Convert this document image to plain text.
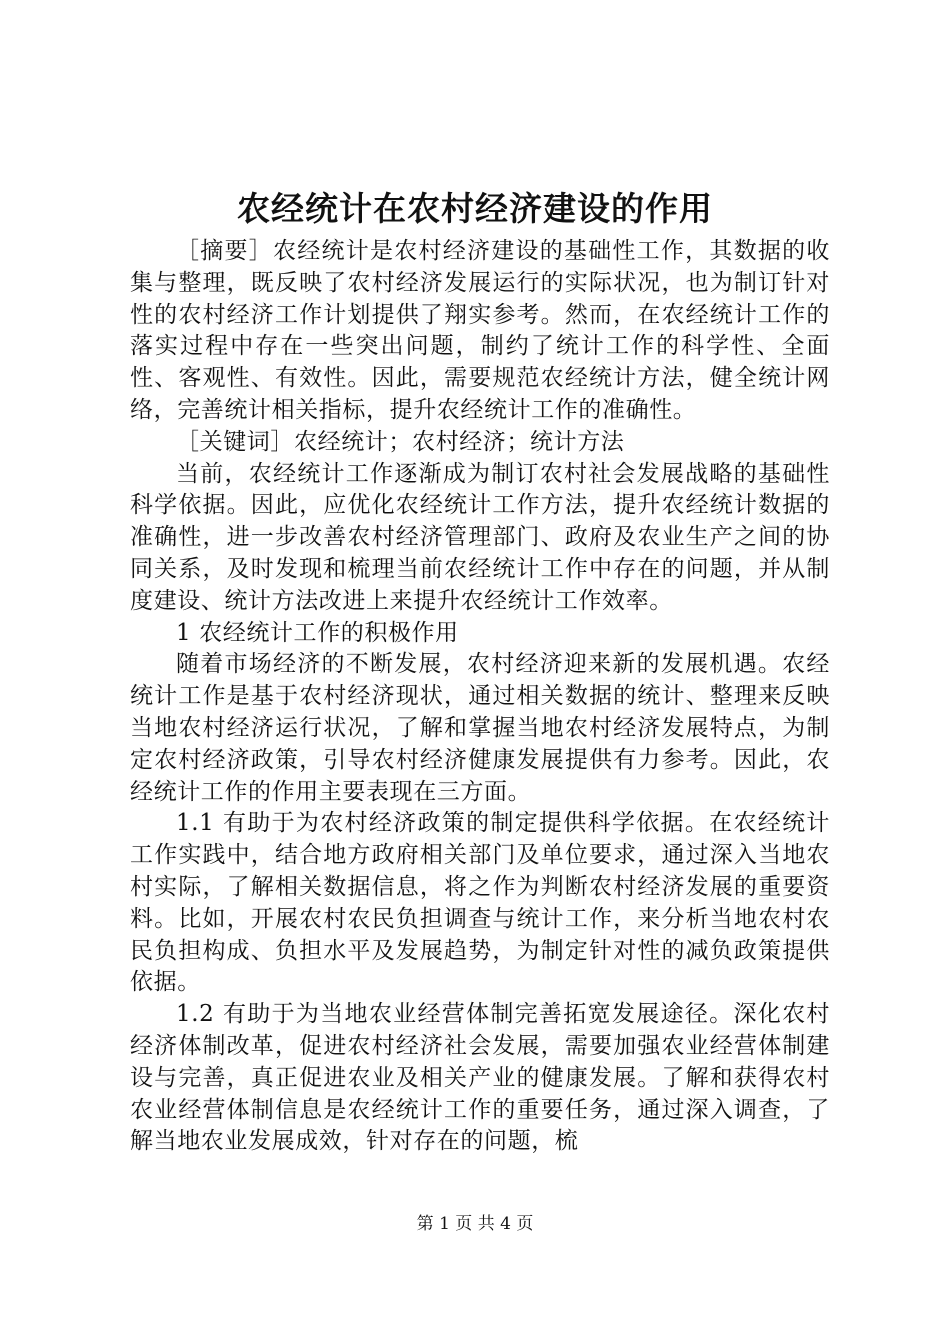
农经统计在农村经济建设的作用

［摘要］农经统计是农村经济建设的基础性工作，其数据的收集与整理，既反映了农村经济发展运行的实际状况，也为制订针对性的农村经济工作计划提供了翔实参考。然而，在农经统计工作的落实过程中存在一些突出问题，制约了统计工作的科学性、全面性、客观性、有效性。因此，需要规范农经统计方法，健全统计网络，完善统计相关指标，提升农经统计工作的准确性。

［关键词］农经统计；农村经济；统计方法

当前，农经统计工作逐渐成为制订农村社会发展战略的基础性科学依据。因此，应优化农经统计工作方法，提升农经统计数据的准确性，进一步改善农村经济管理部门、政府及农业生产之间的协同关系，及时发现和梳理当前农经统计工作中存在的问题，并从制度建设、统计方法改进上来提升农经统计工作效率。

1 农经统计工作的积极作用

随着市场经济的不断发展，农村经济迎来新的发展机遇。农经统计工作是基于农村经济现状，通过相关数据的统计、整理来反映当地农村经济运行状况，了解和掌握当地农村经济发展特点，为制定农村经济政策，引导农村经济健康发展提供有力参考。因此，农经统计工作的作用主要表现在三方面。

1.1 有助于为农村经济政策的制定提供科学依据。在农经统计工作实践中，结合地方政府相关部门及单位要求，通过深入当地农村实际，了解相关数据信息，将之作为判断农村经济发展的重要资料。比如，开展农村农民负担调查与统计工作，来分析当地农村农民负担构成、负担水平及发展趋势，为制定针对性的减负政策提供依据。

1.2 有助于为当地农业经营体制完善拓宽发展途径。深化农村经济体制改革，促进农村经济社会发展，需要加强农业经营体制建设与完善，真正促进农业及相关产业的健康发展。了解和获得农村农业经营体制信息是农经统计工作的重要任务，通过深入调查，了解当地农业发展成效，针对存在的问题，梳

第 1 页 共 4 页
